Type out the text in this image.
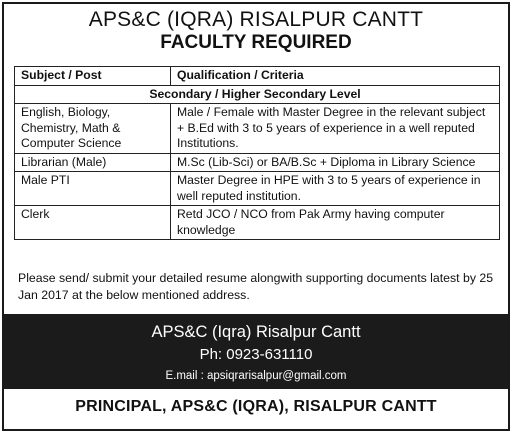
APS&C (IQRA) RISALPUR CANTT
FACULTY REQUIRED
Subject / Post	Qualification / Criteria
Secondary / Higher Secondary Level	
English, Biology, Chemistry, Math & Computer Science	Male / Female with Master Degree in the relevant subject + B.Ed with 3 to 5 years of experience in a well reputed Institutions.
Librarian (Male)	M.Sc (Lib-Sci) or BA/B.Sc + Diploma in Library Science
Male PTI	Master Degree in HPE with 3 to 5 years of experience in well reputed institution.
Clerk	Retd JCO / NCO from Pak Army having computer knowledge
Please send/ submit your detailed resume alongwith supporting documents latest by 25 Jan 2017 at the below mentioned address.
APS&C (Iqra) Risalpur Cantt
Ph: 0923-631110
E.mail : apsiqrarisalpur@gmail.com
PRINCIPAL, APS&C (IQRA), RISALPUR CANTT
